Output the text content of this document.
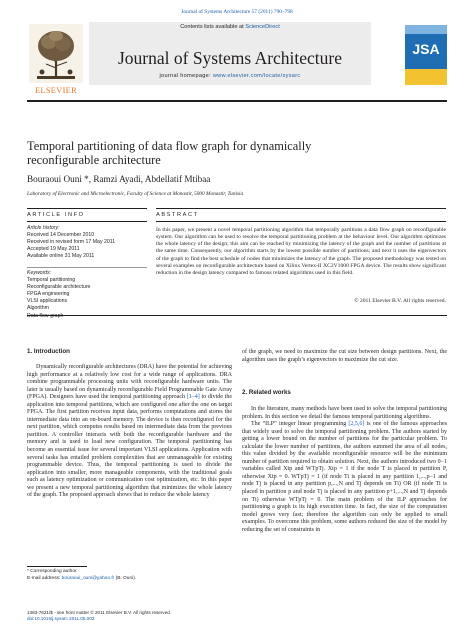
Journal of Systems Architecture 57 (2011) 790–798
Contents lists available at ScienceDirect
Journal of Systems Architecture
journal homepage: www.elsevier.com/locate/sysarc
ELSEVIER
JSA
Temporal partitioning of data flow graph for dynamically reconfigurable architecture
Bouraoui Ouni *, Ramzi Ayadi, Abdellatif Mtibaa
Laboratory of Electronic and Microelectronic, Faculty of Science at Monastir, 5000 Monastir, Tunisia
ARTICLE INFO
Article history:
Received 14 December 2010
Received in revised form 17 May 2011
Accepted 19 May 2011
Available online 31 May 2011
Keywords:
Temporal partitioning
Reconfigurable architecture
FPGA engineering
VLSI applications
Algorithm
ABSTRACT
In this paper, we present a novel temporal partitioning algorithm that temporally partitions a data flow graph on reconfigurable system. Our algorithm can be used to resolve the temporal partitioning problem at the behaviour level. Our algorithm optimizes the whole latency of the design; this aim can be reached by minimizing the latency of the graph and the number of partitions at the same time. Consequently, our algorithm starts by the lowest possible number of partitions; and next it uses the eigenvectors of the graph to find the best schedule of nodes that minimizes the latency of the graph. The proposed methodology was tested on several examples on reconfigurable architecture based on Xilinx Vertex-II XC2V1000 FPGA device. The results show significant reduction in the design latency compared to famous related algorithms used in this field.
© 2011 Elsevier B.V. All rights reserved.
1. Introduction

Dynamically reconfigurable architectures (DRA) have the potential for achieving high performance at a relatively low cost for a wide range of applications. DRA combine programmable processing units with reconfigurable hardware units. The later is usually based on dynamically reconfigurable Field Programmable Gate Array (FPGA). Designers have used the temporal partitioning approach [1–4] to divide the application into temporal partitions, which are configured one after the one on target FPGA. The first partition receives input data, performs computations and stores the intermediate data into an on-board memory. The device is then reconfigured for the next partition, which computes results based on intermediate data from the previous partition. A controller interacts with both the reconfigurable hardware and the memory and is used to load new configuration. The temporal partitioning has become an essential issue for several important VLSI applications. Application with several tasks has entailed problem complexities that are unmanageable for existing programmable device. Thus, the temporal partitioning is used to divide the application into smaller, more manageable components, with the traditional goals such as latency optimization or communication cost optimization, etc. In this paper we present a new temporal partitioning algorithm that minimizes the whole latency of the graph. The proposed approach shows that to reduce the whole latency

* Corresponding author.
E-mail address: bouraoui_ouni@yahoo.fr (B. Ouni).
1383-7621/$ - see front matter © 2011 Elsevier B.V. All rights reserved.
doi:10.1016/j.sysarc.2011.05.002
of the graph, we need to maximize the cut size between design partitions. Next, the algorithm uses the graph’s eigenvectors to maximize the cut size.
2. Related works

In the literature, many methods have been used to solve the temporal partitioning problem. In this section we detail the famous temporal partitioning algorithms.

The “ILP” integer linear programming [2,5,6] is one of the famous approaches that widely used to solve the temporal partitioning problem. The authors started by getting a lower bound on the number of partitions for the particular problem. To calculate the lower number of partitions, the authors summed the area of all nodes, this value divided by the available reconfigurable resource will be the minimum number of partition required to obtain solution. Next, the authors introduced two 0−1 variables called Xtp and WTpTj. Xtp = 1 if the node T is placed in partition P, otherwise Xtp = 0. WTpTj = 1 (if node Ti is placed in any partition 1,...,p−1 and node Tj is placed in any partition p,...,N and Tj depends on Ti) OR (if node Ti is placed in partition p and node Tj is placed in any partition p+1,...,N and Tj depends on Ti) otherwise WTpTj = 0. The main problem of the ILP approaches for partitioning a graph is its high execution time. In fact, the size of the computation model grows very fast; therefore the algorithm can only be applied to small examples. To overcome this problem, some authors reduced the size of the model by reducing the set of constraints in
